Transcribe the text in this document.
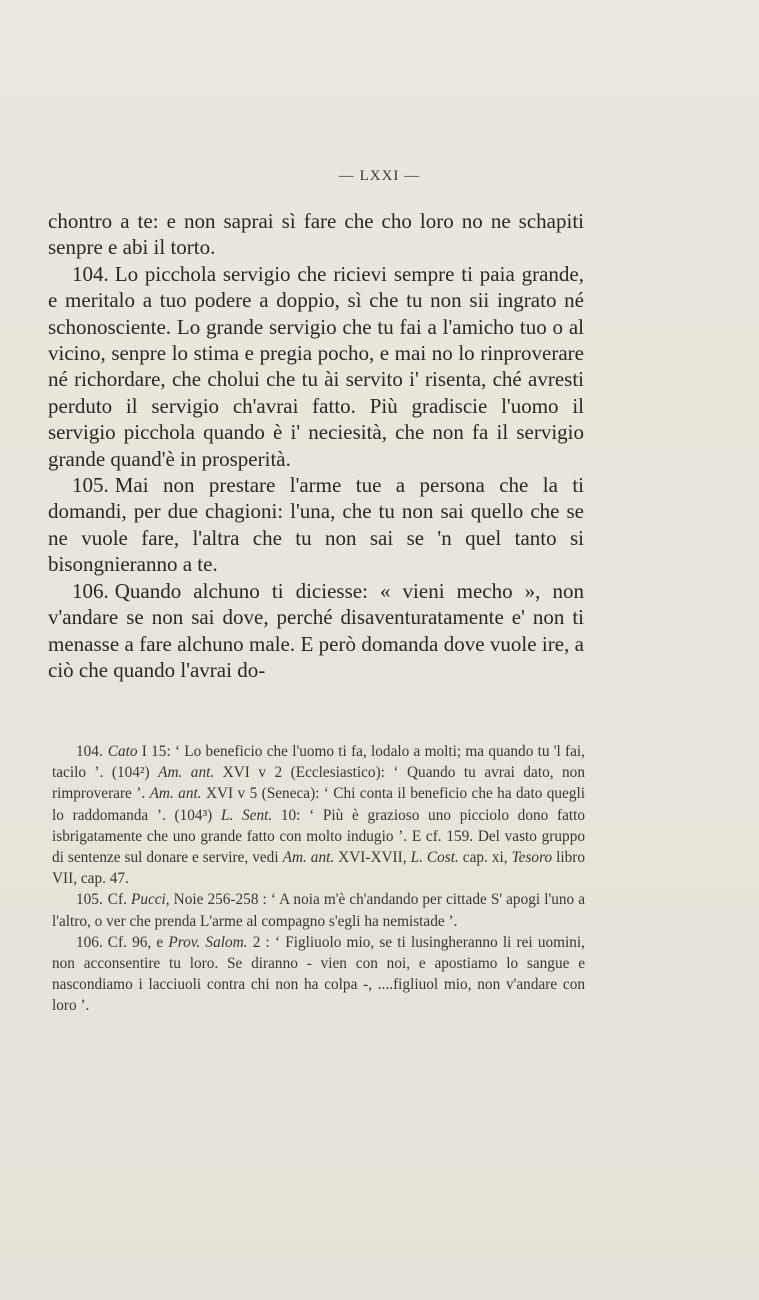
— LXXI —

chontro a te: e non saprai sì fare che cho loro no ne schapiti senpre e abi il torto.

104. Lo picchola servigio che ricievi sempre ti paia grande, e meritalo a tuo podere a doppio, sì che tu non sii ingrato né schonosciente. Lo grande servigio che tu fai a l'amicho tuo o al vicino, senpre lo stima e pregia pocho, e mai no lo rinproverare né richordare, che cholui che tu ài servito i' risenta, ché avresti perduto il servigio ch'avrai fatto. Più gradiscie l'uomo il servigio picchola quando è i' neciesità, che non fa il servigio grande quand'è in prosperità.

105. Mai non prestare l'arme tue a persona che la ti domandi, per due chagioni: l'una, che tu non sai quello che se ne vuole fare, l'altra che tu non sai se 'n quel tanto si bisongnieranno a te.

106. Quando alchuno ti diciesse: « vieni mecho », non v'andare se non sai dove, perché disaventuratamente e' non ti menasse a fare alchuno male. E però domanda dove vuole ire, a ciò che quando l'avrai do-

104. Cato I 15: ‘ Lo beneficio che l'uomo ti fa, lodalo a molti; ma quando tu 'l fai, tacilo ’. (104²) Am. ant. XVI v 2 (Ecclesiastico): ‘ Quando tu avrai dato, non rimproverare ’. Am. ant. XVI v 5 (Seneca): ‘ Chi conta il beneficio che ha dato quegli lo raddomanda ’. (104³) L. Sent. 10: ‘ Più è grazioso uno picciolo dono fatto isbrigatamente che uno grande fatto con molto indugio ’. E cf. 159. Del vasto gruppo di sentenze sul donare e servire, vedi Am. ant. XVI-XVII, L. Cost. cap. xi, Tesoro libro VII, cap. 47.

105. Cf. Pucci, Noie 256-258 : ‘ A noia m'è ch'andando per cittade S' apogi l'uno a l'altro, o ver che prenda L'arme al compagno s'egli ha nemistade ’.

106. Cf. 96, e Prov. Salom. 2 : ‘ Figliuolo mio, se ti lusingheranno li rei uomini, non acconsentire tu loro. Se diranno - vien con noi, e apostiamo lo sangue e nascondiamo i lacciuoli contra chi non ha colpa -, ....figliuol mio, non v'andare con loro ’.
